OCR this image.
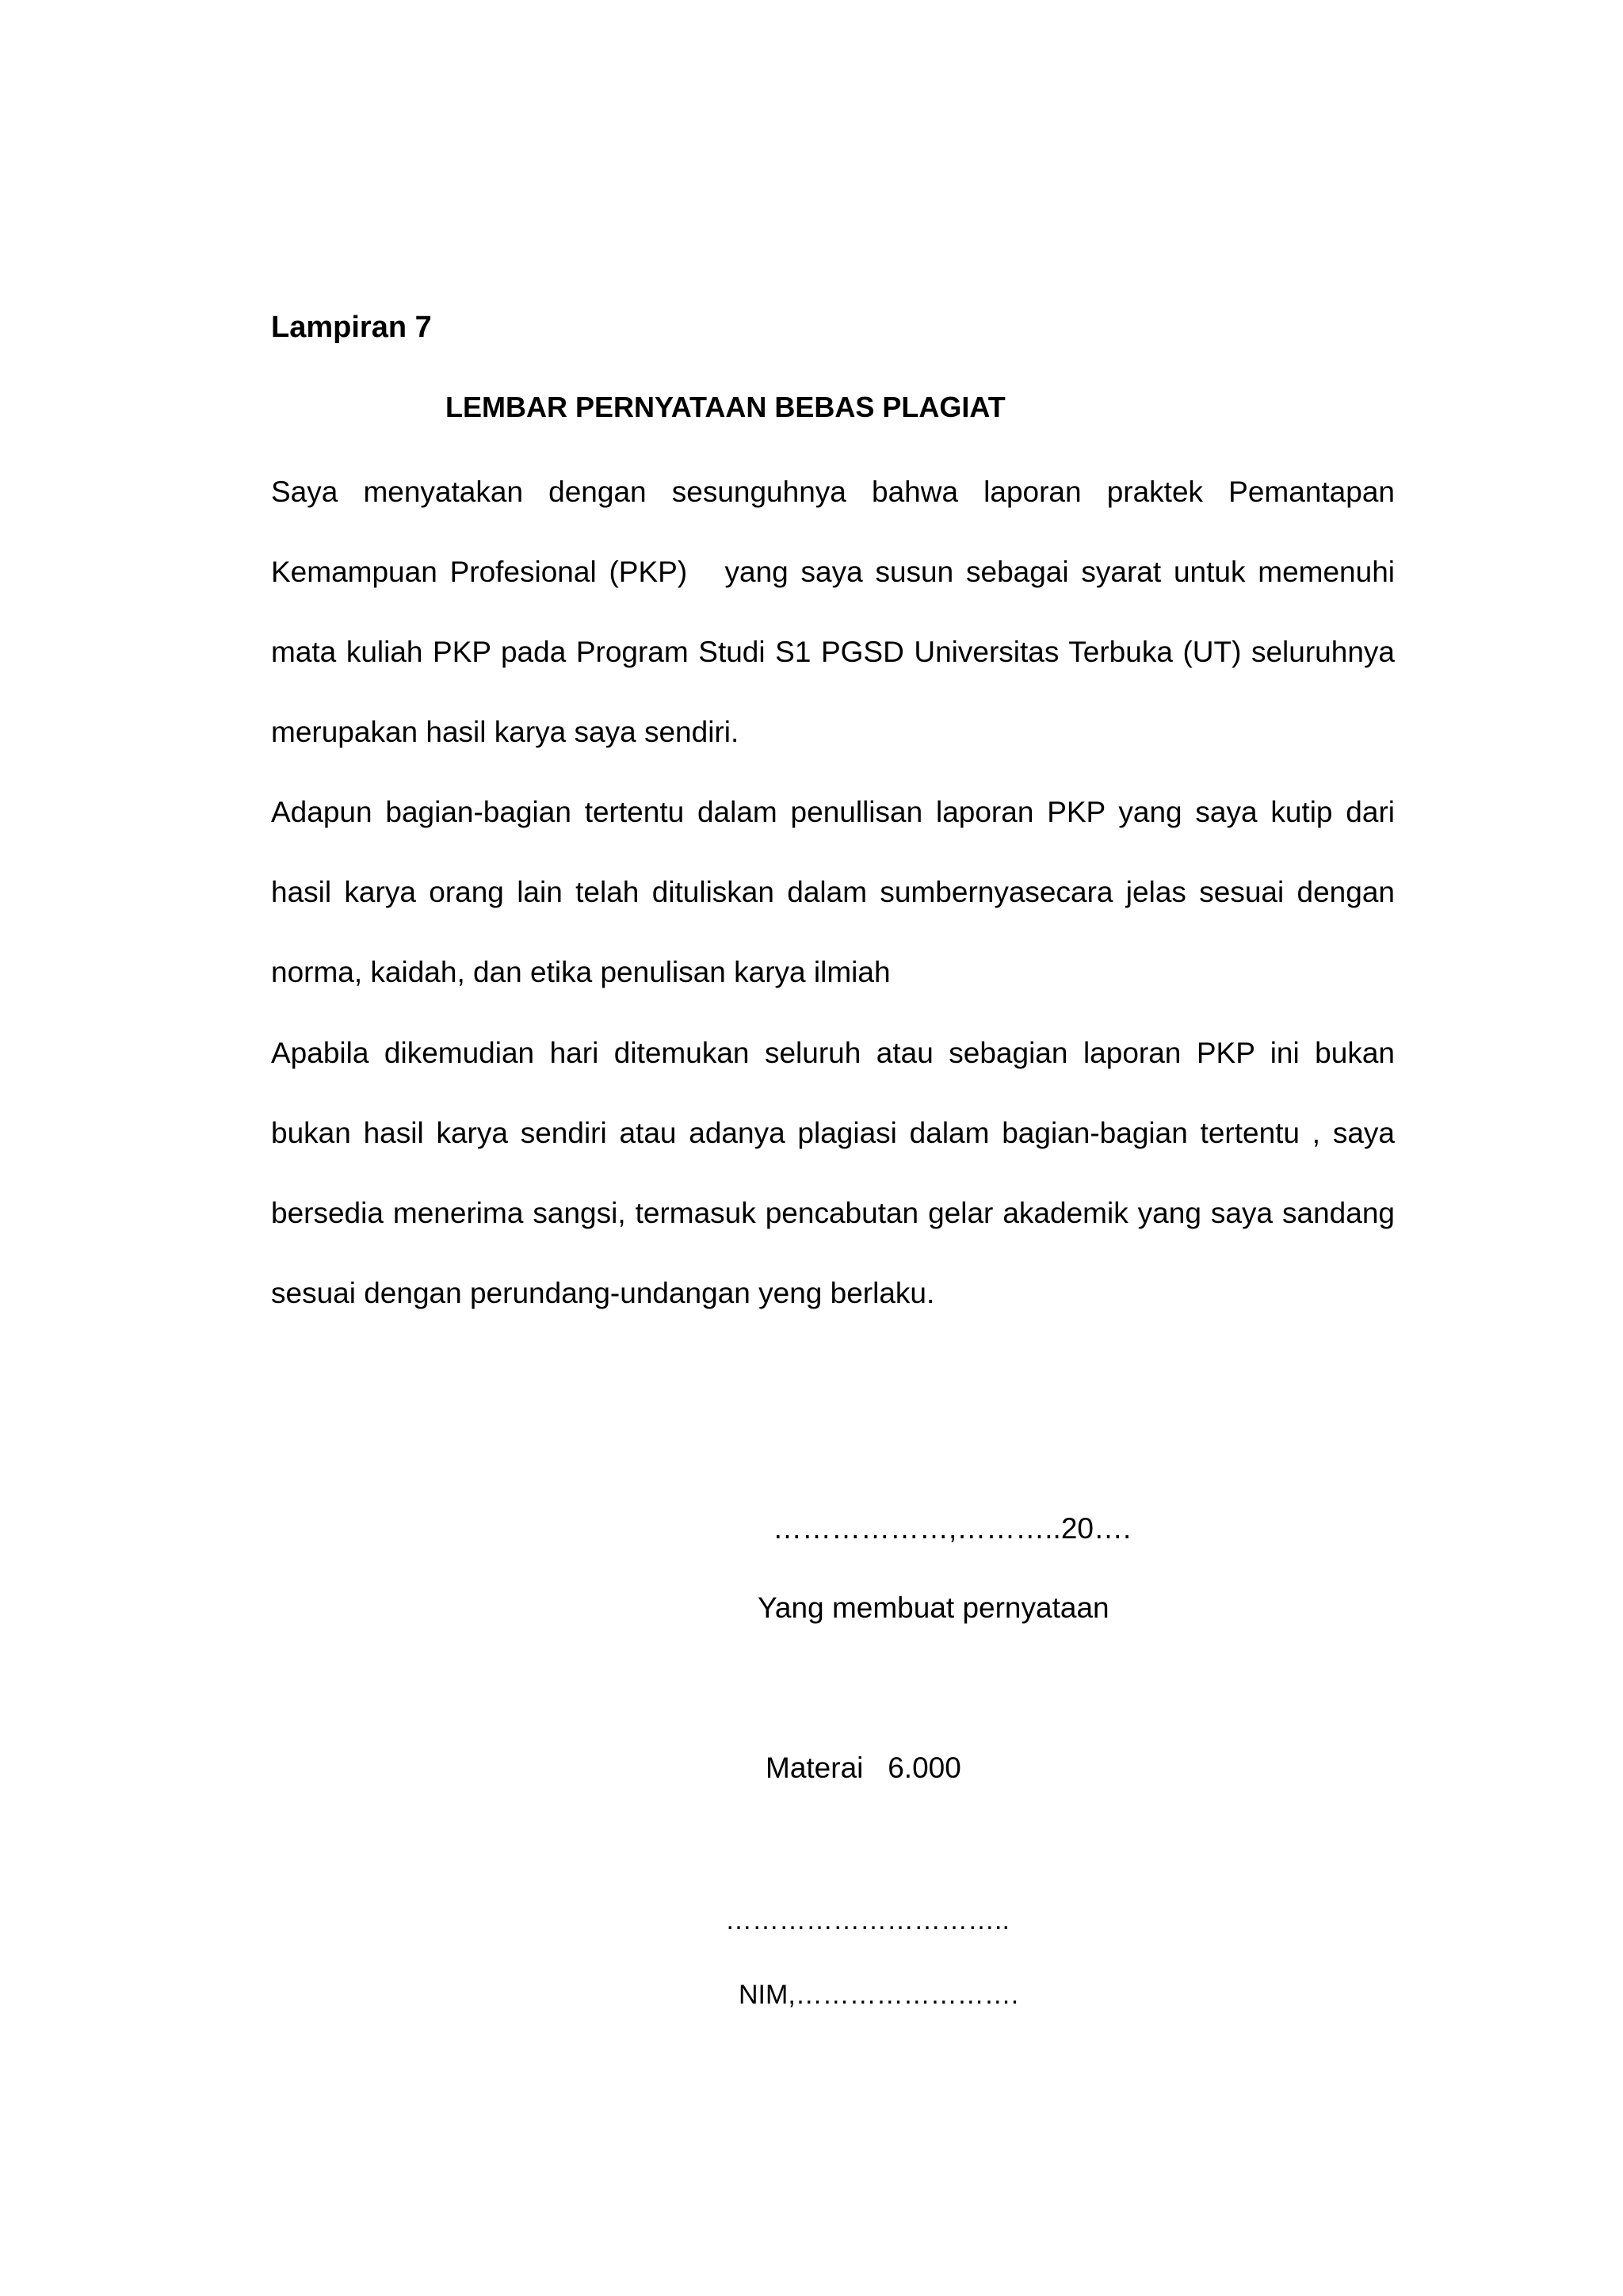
Lampiran 7
LEMBAR PERNYATAAN BEBAS PLAGIAT
Saya menyatakan dengan sesunguhnya bahwa laporan praktek Pemantapan
Kemampuan Profesional (PKP)   yang saya susun sebagai syarat untuk memenuhi
mata kuliah PKP pada Program Studi S1 PGSD Universitas Terbuka (UT) seluruhnya
merupakan hasil karya saya sendiri.
Adapun bagian-bagian tertentu dalam penullisan laporan PKP yang saya kutip dari
hasil karya orang lain telah dituliskan dalam sumbernyasecara jelas sesuai dengan
norma, kaidah, dan etika penulisan karya ilmiah
Apabila dikemudian hari ditemukan seluruh atau sebagian laporan PKP ini bukan
bukan hasil karya sendiri atau adanya plagiasi dalam bagian-bagian tertentu , saya
bersedia menerima sangsi, termasuk pencabutan gelar akademik yang saya sandang
sesuai dengan perundang-undangan yeng berlaku.
………………,………..20….
Yang membuat pernyataan
Materai   6.000
…………………………..
NIM,…………………….
